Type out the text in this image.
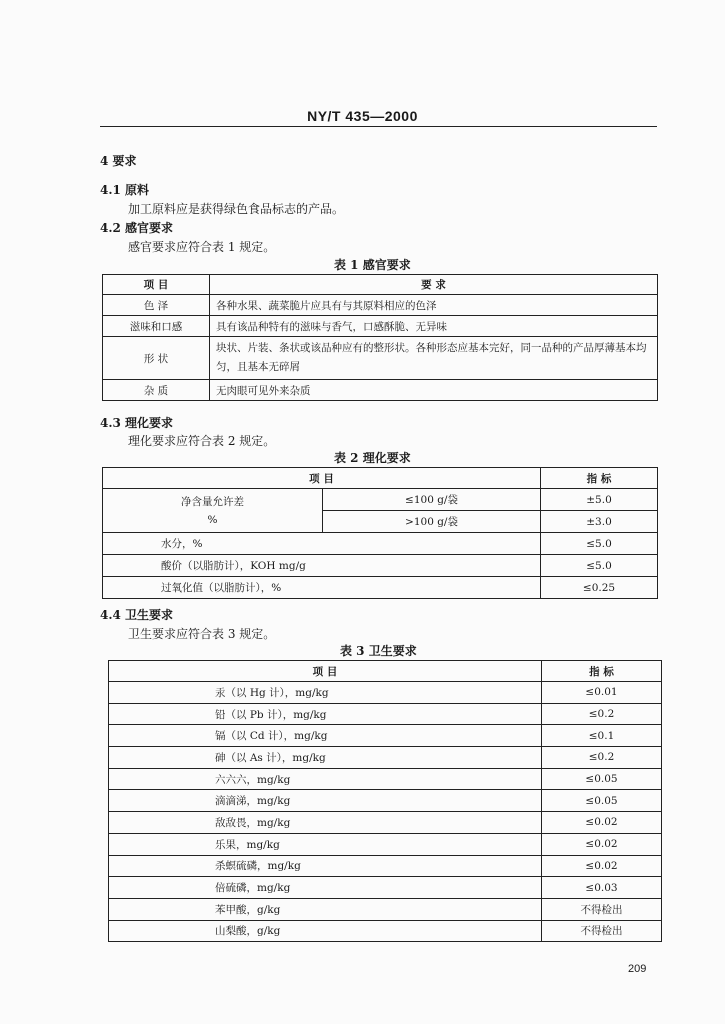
NY/T 435—2000
4 要求
4.1 原料
加工原料应是获得绿色食品标志的产品。
4.2 感官要求
感官要求应符合表 1 规定。
表 1 感官要求
项 目	要 求
色 泽	各种水果、蔬菜脆片应具有与其原料相应的色泽
滋味和口感	具有该品种特有的滋味与香气，口感酥脆、无异味
形 状	块状、片装、条状或该品种应有的整形状。各种形态应基本完好，同一品种的产品厚薄基本均匀，且基本无碎屑
杂 质	无肉眼可见外来杂质
4.3 理化要求
理化要求应符合表 2 规定。
表 2 理化要求
项 目		指 标

净含量允许差
%	≤100 g/袋	±5.0
	>100 g/袋	±3.0
水分，%		≤5.0
酸价（以脂肪计），KOH mg/g		≤5.0
过氧化值（以脂肪计），%		≤0.25
4.4 卫生要求
卫生要求应符合表 3 规定。
表 3 卫生要求
项 目	指 标
汞（以 Hg 计），mg/kg	≤0.01
铅（以 Pb 计），mg/kg	≤0.2
镉（以 Cd 计），mg/kg	≤0.1
砷（以 As 计），mg/kg	≤0.2
六六六，mg/kg	≤0.05
滴滴涕，mg/kg	≤0.05
敌敌畏，mg/kg	≤0.02
乐果，mg/kg	≤0.02
杀螟硫磷，mg/kg	≤0.02
倍硫磷，mg/kg	≤0.03
苯甲酸，g/kg	不得检出
山梨酸，g/kg	不得检出
209
